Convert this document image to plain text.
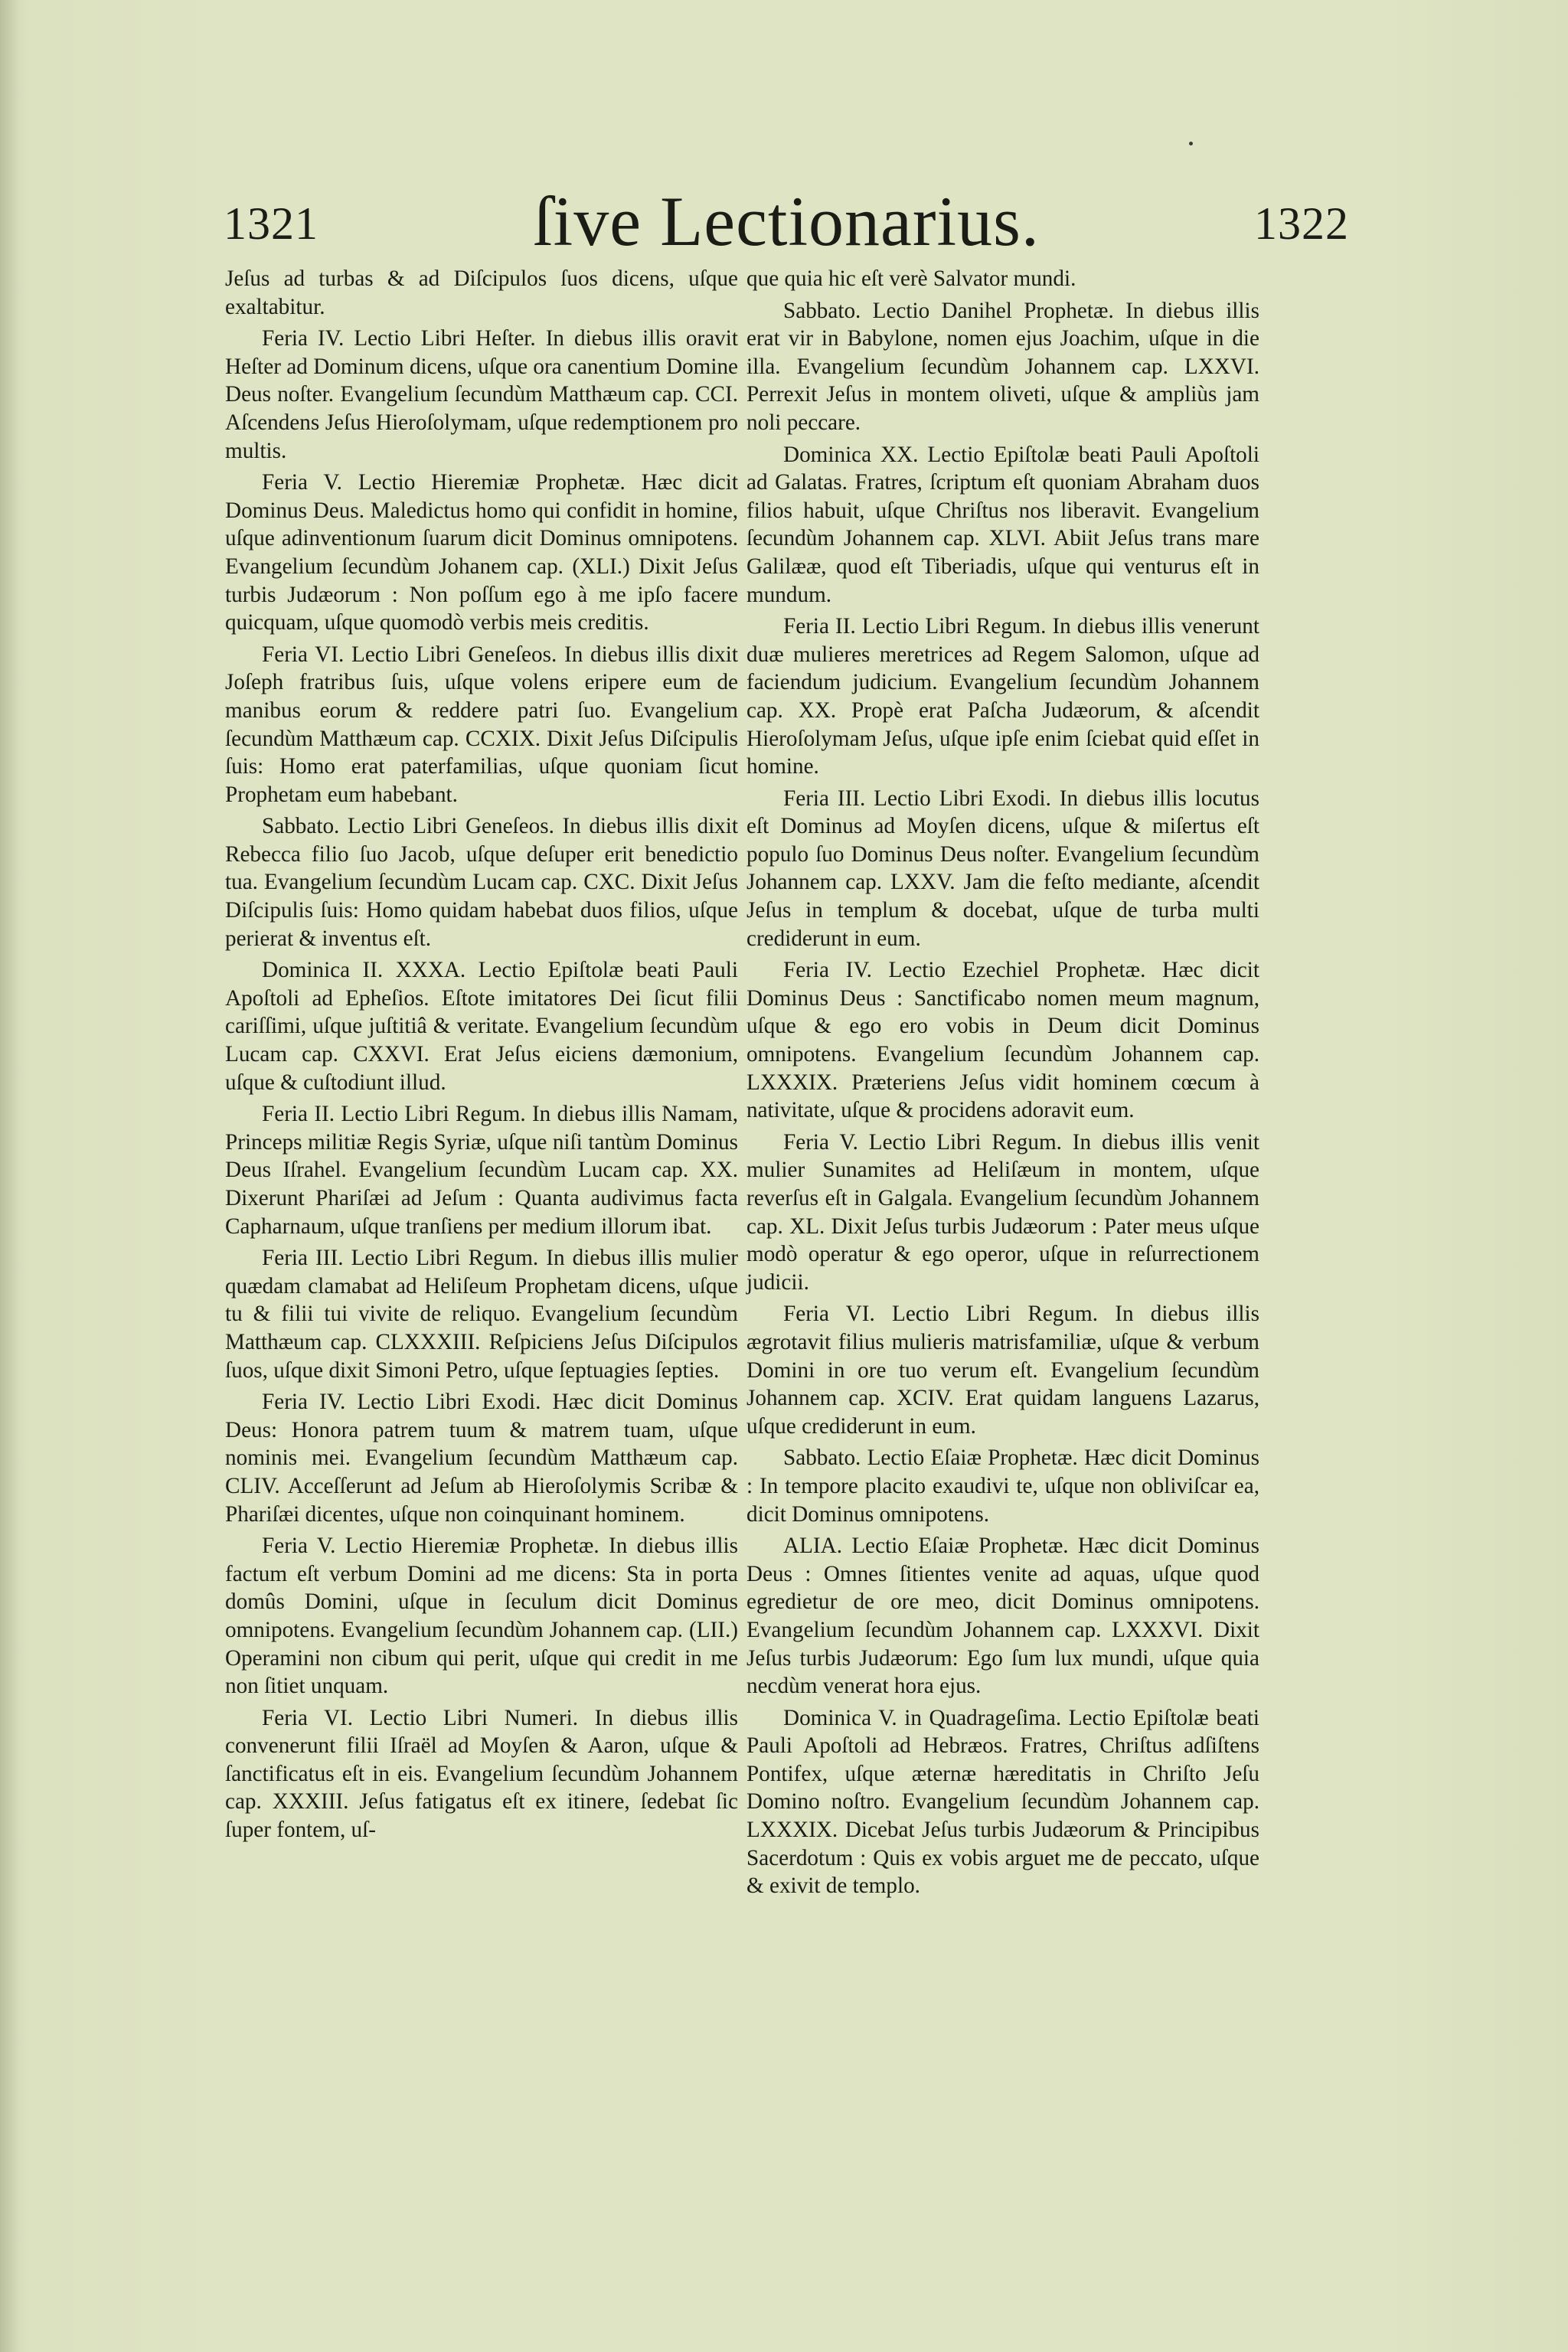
1321	ſive Lectionarius.	1322

Jeſus ad turbas & ad Diſcipulos ſuos dicens, uſque exaltabitur.

Feria IV. Lectio Libri Heſter. In diebus illis oravit Heſter ad Dominum dicens, uſque ora canentium Domine Deus noſter. Evangelium ſecundùm Matthæum cap. CCI. Aſcendens Jeſus Hieroſolymam, uſque redemptionem pro multis.

Feria V. Lectio Hieremiæ Prophetæ. Hæc dicit Dominus Deus. Maledictus homo qui confidit in homine, uſque adinventionum ſuarum dicit Dominus omnipotens. Evangelium ſecundùm Johanem cap. (XLI.) Dixit Jeſus turbis Judæorum : Non poſſum ego à me ipſo facere quicquam, uſque quomodò verbis meis creditis.

Feria VI. Lectio Libri Geneſeos. In diebus illis dixit Joſeph fratribus ſuis, uſque volens eripere eum de manibus eorum & reddere patri ſuo. Evangelium ſecundùm Matthæum cap. CCXIX. Dixit Jeſus Diſcipulis ſuis: Homo erat paterfamilias, uſque quoniam ſicut Prophetam eum habebant.

Sabbato. Lectio Libri Geneſeos. In diebus illis dixit Rebecca filio ſuo Jacob, uſque deſuper erit benedictio tua. Evangelium ſecundùm Lucam cap. CXC. Dixit Jeſus Diſcipulis ſuis: Homo quidam habebat duos filios, uſque perierat & inventus eſt.

Dominica II. XXXA. Lectio Epiſtolæ beati Pauli Apoſtoli ad Epheſios. Eſtote imitatores Dei ſicut filii cariſſimi, uſque juſtitiâ & veritate. Evangelium ſecundùm Lucam cap. CXXVI. Erat Jeſus eiciens dæmonium, uſque & cuſtodiunt illud.

Feria II. Lectio Libri Regum. In diebus illis Namam, Princeps militiæ Regis Syriæ, uſque niſi tantùm Dominus Deus Iſrahel. Evangelium ſecundùm Lucam cap. XX. Dixerunt Phariſæi ad Jeſum : Quanta audivimus facta Capharnaum, uſque tranſiens per medium illorum ibat.

Feria III. Lectio Libri Regum. In diebus illis mulier quædam clamabat ad Heliſeum Prophetam dicens, uſque tu & filii tui vivite de reliquo. Evangelium ſecundùm Matthæum cap. CLXXXIII. Reſpiciens Jeſus Diſcipulos ſuos, uſque dixit Simoni Petro, uſque ſeptuagies ſepties.

Feria IV. Lectio Libri Exodi. Hæc dicit Dominus Deus: Honora patrem tuum & matrem tuam, uſque nominis mei. Evangelium ſecundùm Matthæum cap. CLIV. Acceſſerunt ad Jeſum ab Hieroſolymis Scribæ & Phariſæi dicentes, uſque non coinquinant hominem.

Feria V. Lectio Hieremiæ Prophetæ. In diebus illis factum eſt verbum Domini ad me dicens: Sta in porta domûs Domini, uſque in ſeculum dicit Dominus omnipotens. Evangelium ſecundùm Johannem cap. (LII.) Operamini non cibum qui perit, uſque qui credit in me non ſitiet unquam.

Feria VI. Lectio Libri Numeri. In diebus illis convenerunt filii Iſraël ad Moyſen & Aaron, uſque & ſanctificatus eſt in eis. Evangelium ſecundùm Johannem cap. XXXIII. Jeſus fatigatus eſt ex itinere, ſedebat ſic ſuper fontem, uſ-

que quia hic eſt verè Salvator mundi.

Sabbato. Lectio Danihel Prophetæ. In diebus illis erat vir in Babylone, nomen ejus Joachim, uſque in die illa. Evangelium ſecundùm Johannem cap. LXXVI. Perrexit Jeſus in montem oliveti, uſque & ampliùs jam noli peccare.

Dominica XX. Lectio Epiſtolæ beati Pauli Apoſtoli ad Galatas. Fratres, ſcriptum eſt quoniam Abraham duos filios habuit, uſque Chriſtus nos liberavit. Evangelium ſecundùm Johannem cap. XLVI. Abiit Jeſus trans mare Galilææ, quod eſt Tiberiadis, uſque qui venturus eſt in mundum.

Feria II. Lectio Libri Regum. In diebus illis venerunt duæ mulieres meretrices ad Regem Salomon, uſque ad faciendum judicium. Evangelium ſecundùm Johannem cap. XX. Propè erat Paſcha Judæorum, & aſcendit Hieroſolymam Jeſus, uſque ipſe enim ſciebat quid eſſet in homine.

Feria III. Lectio Libri Exodi. In diebus illis locutus eſt Dominus ad Moyſen dicens, uſque & miſertus eſt populo ſuo Dominus Deus noſter. Evangelium ſecundùm Johannem cap. LXXV. Jam die feſto mediante, aſcendit Jeſus in templum & docebat, uſque de turba multi crediderunt in eum.

Feria IV. Lectio Ezechiel Prophetæ. Hæc dicit Dominus Deus : Sanctificabo nomen meum magnum, uſque & ego ero vobis in Deum dicit Dominus omnipotens. Evangelium ſecundùm Johannem cap. LXXXIX. Præteriens Jeſus vidit hominem cœcum à nativitate, uſque & procidens adoravit eum.

Feria V. Lectio Libri Regum. In diebus illis venit mulier Sunamites ad Heliſæum in montem, uſque reverſus eſt in Galgala. Evangelium ſecundùm Johannem cap. XL. Dixit Jeſus turbis Judæorum : Pater meus uſque modò operatur & ego operor, uſque in reſurrectionem judicii.

Feria VI. Lectio Libri Regum. In diebus illis ægrotavit filius mulieris matrisfamiliæ, uſque & verbum Domini in ore tuo verum eſt. Evangelium ſecundùm Johannem cap. XCIV. Erat quidam languens Lazarus, uſque crediderunt in eum.

Sabbato. Lectio Eſaiæ Prophetæ. Hæc dicit Dominus : In tempore placito exaudivi te, uſque non obliviſcar ea, dicit Dominus omnipotens.

ALIA. Lectio Eſaiæ Prophetæ. Hæc dicit Dominus Deus : Omnes ſitientes venite ad aquas, uſque quod egredietur de ore meo, dicit Dominus omnipotens. Evangelium ſecundùm Johannem cap. LXXXVI. Dixit Jeſus turbis Judæorum: Ego ſum lux mundi, uſque quia necdùm venerat hora ejus.

Dominica V. in Quadrageſima. Lectio Epiſtolæ beati Pauli Apoſtoli ad Hebræos. Fratres, Chriſtus adſiſtens Pontifex, uſque æternæ hæreditatis in Chriſto Jeſu Domino noſtro. Evangelium ſecundùm Johannem cap. LXXXIX. Dicebat Jeſus turbis Judæorum & Principibus Sacerdotum : Quis ex vobis arguet me de peccato, uſque & exivit de templo.
